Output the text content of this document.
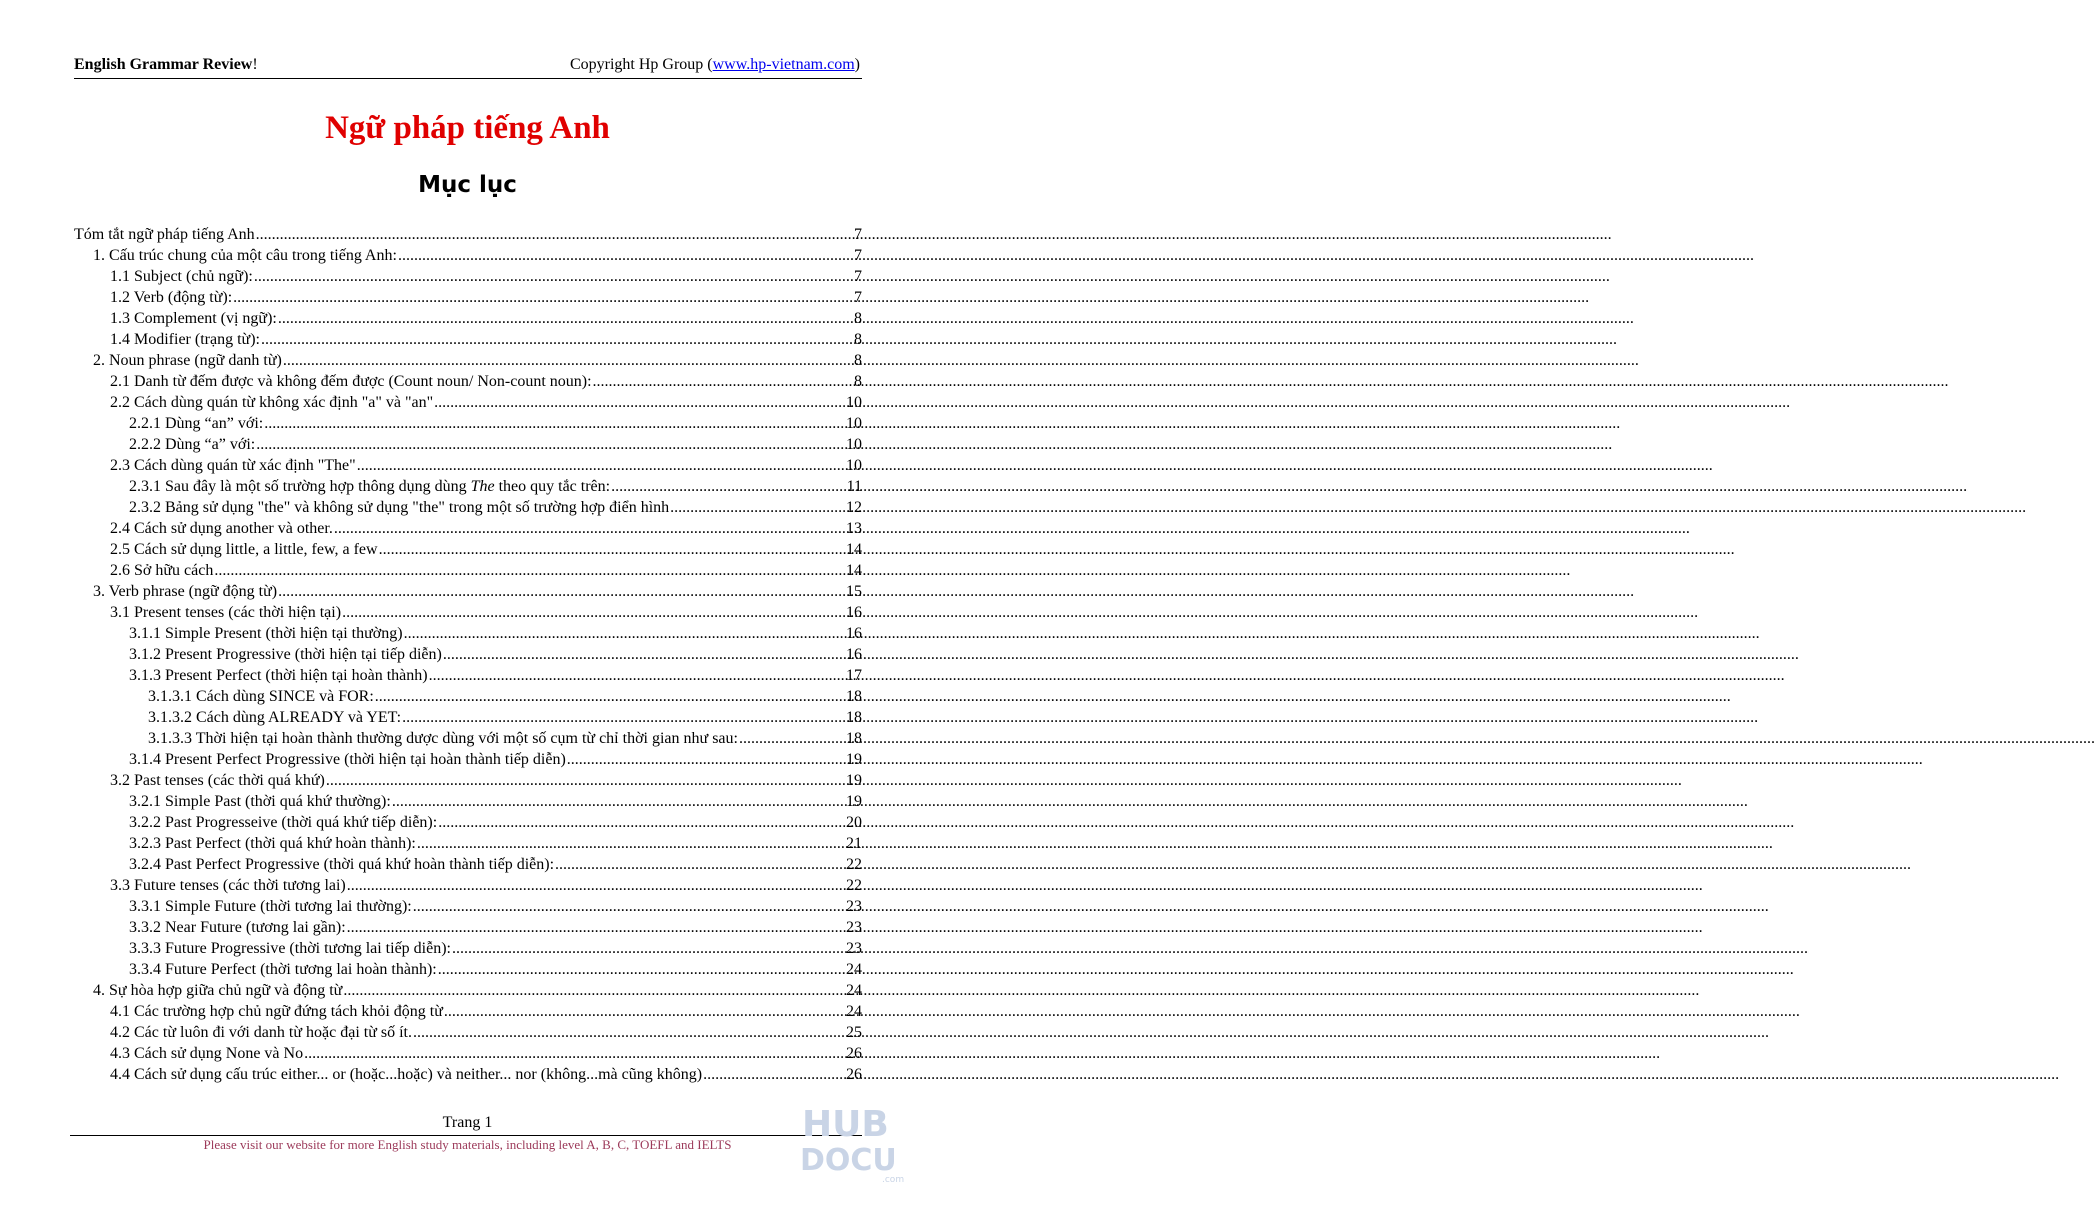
English Grammar Review!	Copyright Hp Group (www.hp-vietnam.com)
Ngữ pháp tiếng Anh
Mục lục
Tóm tắt ngữ pháp tiếng Anh .....	7
1. Cấu trúc chung của một câu trong tiếng Anh: .....	7
1.1 Subject (chủ ngữ): .....	7
1.2 Verb (động từ): .....	7
1.3 Complement (vị ngữ): .....	8
1.4 Modifier (trạng từ): .....	8
2. Noun phrase (ngữ danh từ) .....	8
2.1 Danh từ đếm được và không đếm được (Count noun/ Non-count noun): .....	8
2.2 Cách dùng quán từ không xác định "a" và "an" .....	10
2.2.1 Dùng “an” với: .....	10
2.2.2 Dùng “a” với: .....	10
2.3 Cách dùng quán từ xác định "The" .....	10
2.3.1 Sau đây là một số trường hợp thông dụng dùng The theo quy tắc trên: .....	11
2.3.2 Bảng sử dụng "the" và không sử dụng "the" trong một số trường hợp điển hình .....	12
2.4 Cách sử dụng another và other. .....	13
2.5 Cách sử dụng little, a little, few, a few .....	14
2.6 Sở hữu cách .....	14
3. Verb phrase (ngữ động từ) .....	15
3.1 Present tenses (các thời hiện tại) .....	16
3.1.1 Simple Present (thời hiện tại thường) .....	16
3.1.2 Present Progressive (thời hiện tại tiếp diễn) .....	16
3.1.3 Present Perfect (thời hiện tại hoàn thành) .....	17
3.1.3.1 Cách dùng SINCE và FOR: .....	18
3.1.3.2 Cách dùng ALREADY và YET: .....	18
3.1.3.3 Thời hiện tại hoàn thành thường dược dùng với một số cụm từ chỉ thời gian như sau: .....	18
3.1.4 Present Perfect Progressive (thời hiện tại hoàn thành tiếp diễn) .....	19
3.2 Past tenses (các thời quá khứ) .....	19
3.2.1 Simple Past (thời quá khứ thường): .....	19
3.2.2 Past Progresseive (thời quá khứ tiếp diễn): .....	20
3.2.3 Past Perfect (thời quá khứ hoàn thành): .....	21
3.2.4 Past Perfect Progressive (thời quá khứ hoàn thành tiếp diễn): .....	22
3.3 Future tenses (các thời tương lai) .....	22
3.3.1 Simple Future (thời tương lai thường): .....	23
3.3.2 Near Future (tương lai gần): .....	23
3.3.3 Future Progressive (thời tương lai tiếp diễn): .....	23
3.3.4 Future Perfect (thời tương lai hoàn thành): .....	24
4. Sự hòa hợp giữa chủ ngữ và động từ .....	24
4.1 Các trường hợp chủ ngữ đứng tách khỏi động từ .....	24
4.2 Các từ luôn đi với danh từ hoặc đại từ số ít. .....	25
4.3 Cách sử dụng None và No .....	26
4.4 Cách sử dụng cấu trúc either... or (hoặc...hoặc) và neither... nor (không...mà cũng không) .....	26
Trang 1
Please visit our website for more English study materials, including level A, B, C, TOEFL and IELTS	HUB
DOCU
.com
